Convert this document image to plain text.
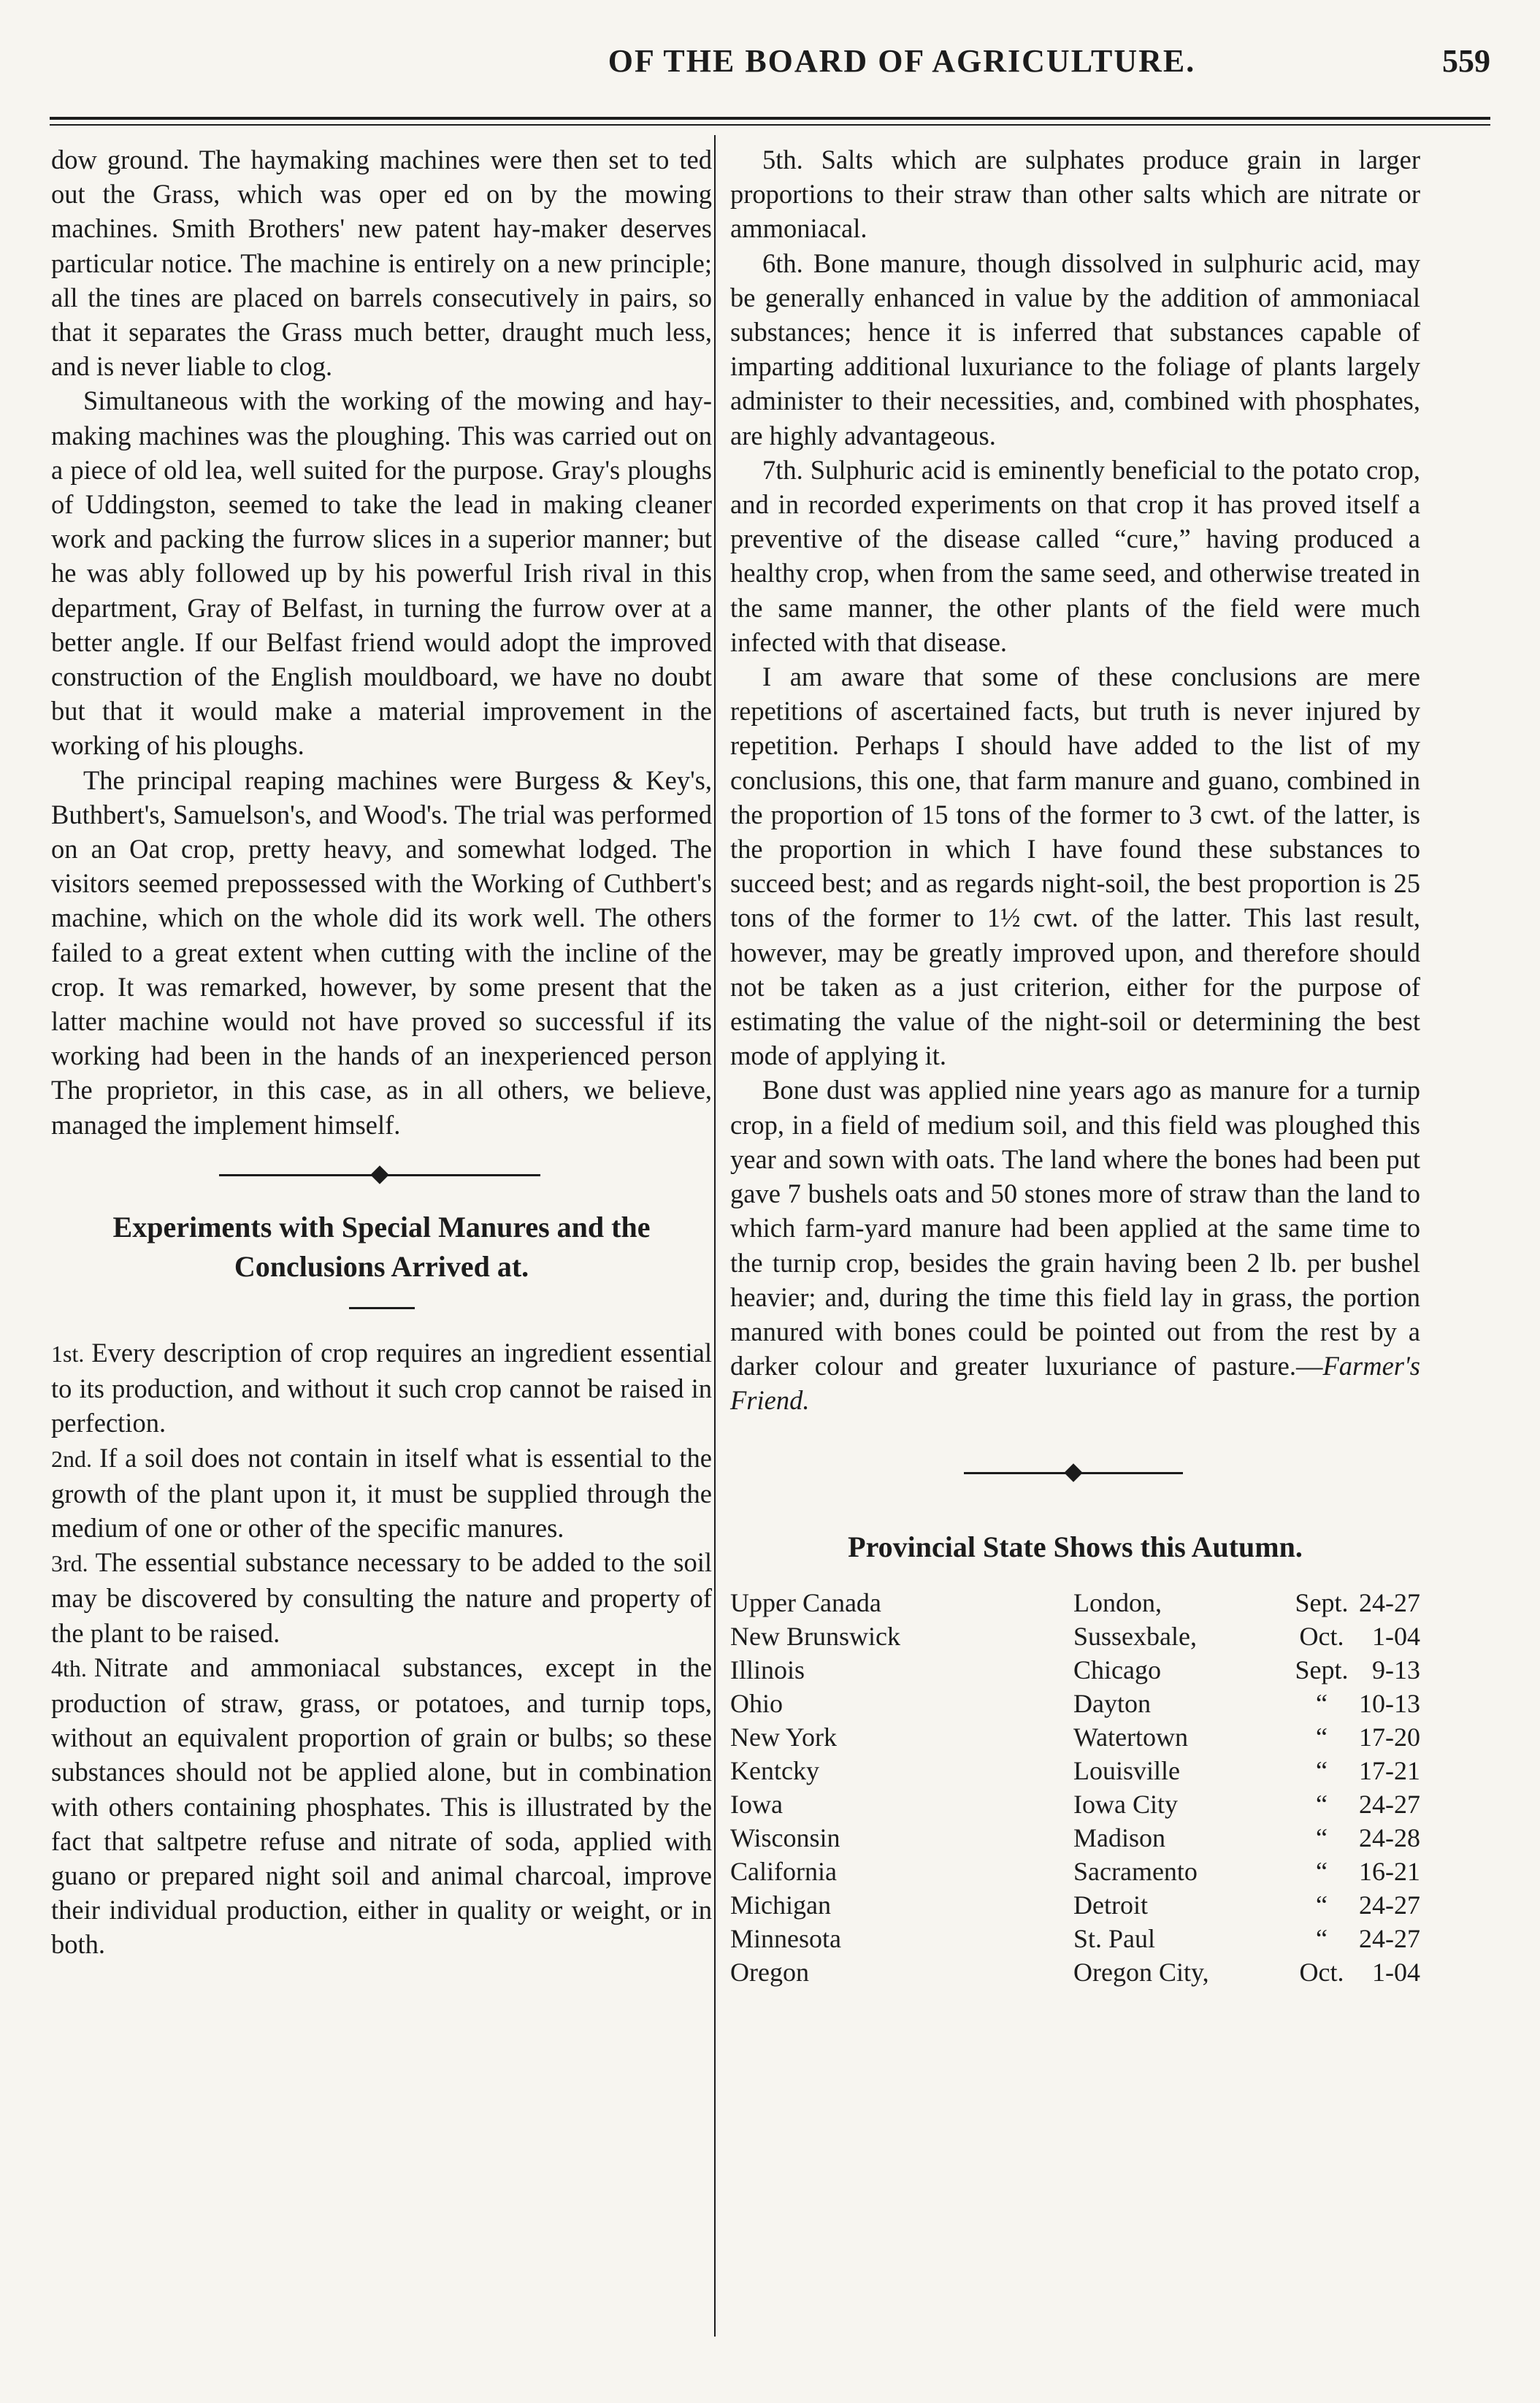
OF THE BOARD OF AGRICULTURE.	559

dow ground. The haymaking machines were then set to ted out the Grass, which was oper ed on by the mowing machines. Smith Brothers' new patent hay-maker deserves particular notice. The machine is entirely on a new principle; all the tines are placed on barrels consecutively in pairs, so that it separates the Grass much better, draught much less, and is never liable to clog.

Simultaneous with the working of the mowing and hay-making machines was the ploughing. This was carried out on a piece of old lea, well suited for the purpose. Gray's ploughs of Uddingston, seemed to take the lead in making cleaner work and packing the furrow slices in a superior manner; but he was ably followed up by his powerful Irish rival in this department, Gray of Belfast, in turning the furrow over at a better angle. If our Belfast friend would adopt the improved construction of the English mouldboard, we have no doubt but that it would make a material improvement in the working of his ploughs.

The principal reaping machines were Burgess & Key's, Buthbert's, Samuelson's, and Wood's. The trial was performed on an Oat crop, pretty heavy, and somewhat lodged. The visitors seemed prepossessed with the Working of Cuthbert's machine, which on the whole did its work well. The others failed to a great extent when cutting with the incline of the crop. It was remarked, however, by some present that the latter machine would not have proved so successful if its working had been in the hands of an inexperienced person The proprietor, in this case, as in all others, we believe, managed the implement himself.

Experiments with Special Manures and the Conclusions Arrived at.

1st. Every description of crop requires an ingredient essential to its production, and without it such crop cannot be raised in perfection.

2nd. If a soil does not contain in itself what is essential to the growth of the plant upon it, it must be supplied through the medium of one or other of the specific manures.

3rd. The essential substance necessary to be added to the soil may be discovered by consulting the nature and property of the plant to be raised.

4th. Nitrate and ammoniacal substances, except in the production of straw, grass, or potatoes, and turnip tops, without an equivalent proportion of grain or bulbs; so these substances should not be applied alone, but in combination with others containing phosphates. This is illustrated by the fact that saltpetre refuse and nitrate of soda, applied with guano or prepared night soil and animal charcoal, improve their individual production, either in quality or weight, or in both.

5th. Salts which are sulphates produce grain in larger proportions to their straw than other salts which are nitrate or ammoniacal.

6th. Bone manure, though dissolved in sulphuric acid, may be generally enhanced in value by the addition of ammoniacal substances; hence it is inferred that substances capable of imparting additional luxuriance to the foliage of plants largely administer to their necessities, and, combined with phosphates, are highly advantageous.

7th. Sulphuric acid is eminently beneficial to the potato crop, and in recorded experiments on that crop it has proved itself a preventive of the disease called “cure,” having produced a healthy crop, when from the same seed, and otherwise treated in the same manner, the other plants of the field were much infected with that disease.

I am aware that some of these conclusions are mere repetitions of ascertained facts, but truth is never injured by repetition. Perhaps I should have added to the list of my conclusions, this one, that farm manure and guano, combined in the proportion of 15 tons of the former to 3 cwt. of the latter, is the proportion in which I have found these substances to succeed best; and as regards night-soil, the best proportion is 25 tons of the former to 1½ cwt. of the latter. This last result, however, may be greatly improved upon, and therefore should not be taken as a just criterion, either for the purpose of estimating the value of the night-soil or determining the best mode of applying it.

Bone dust was applied nine years ago as manure for a turnip crop, in a field of medium soil, and this field was ploughed this year and sown with oats. The land where the bones had been put gave 7 bushels oats and 50 stones more of straw than the land to which farm-yard manure had been applied at the same time to the turnip crop, besides the grain having been 2 lb. per bushel heavier; and, during the time this field lay in grass, the portion manured with bones could be pointed out from the rest by a darker colour and greater luxuriance of pasture.—Farmer's Friend.

Provincial State Shows this Autumn.

Upper Canada	London,	Sept.	24-27
New Brunswick	Sussexbale,	Oct.	1-04
Illinois	Chicago	Sept.	9-13
Ohio	Dayton	“	10-13
New York	Watertown	“	17-20
Kentcky	Louisville	“	17-21
Iowa	Iowa City	“	24-27
Wisconsin	Madison	“	24-28
California	Sacramento	“	16-21
Michigan	Detroit	“	24-27
Minnesota	St. Paul	“	24-27
Oregon	Oregon City,	Oct.	1-04
